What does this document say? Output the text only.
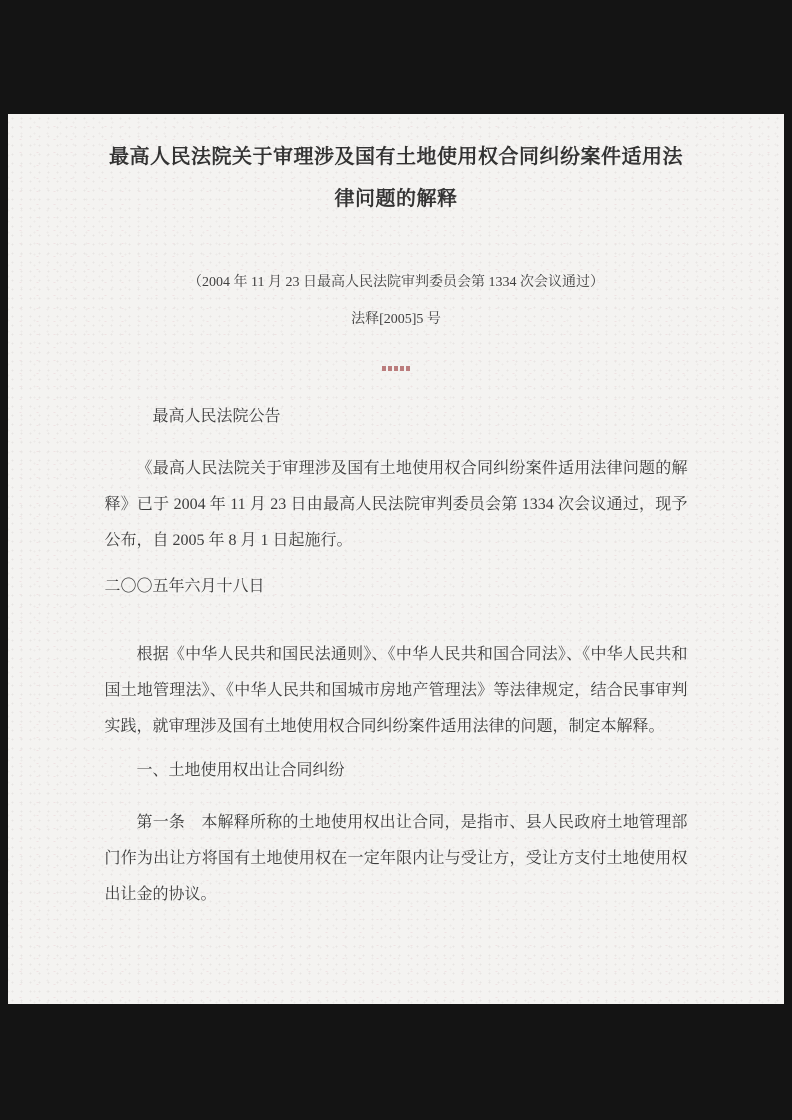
最高人民法院关于审理涉及国有土地使用权合同纠纷案件适用法
律问题的解释
（2004 年 11 月 23 日最高人民法院审判委员会第 1334 次会议通过）
法释[2005]5 号
最高人民法院公告
《最高人民法院关于审理涉及国有土地使用权合同纠纷案件适用法律问题的解释》已于 2004 年 11 月 23 日由最高人民法院审判委员会第 1334 次会议通过，现予公布，自 2005 年 8 月 1 日起施行。
二〇〇五年六月十八日
根据《中华人民共和国民法通则》、《中华人民共和国合同法》、《中华人民共和国土地管理法》、《中华人民共和国城市房地产管理法》等法律规定，结合民事审判实践，就审理涉及国有土地使用权合同纠纷案件适用法律的问题，制定本解释。
一、土地使用权出让合同纠纷
第一条　本解释所称的土地使用权出让合同，是指市、县人民政府土地管理部门作为出让方将国有土地使用权在一定年限内让与受让方，受让方支付土地使用权出让金的协议。
